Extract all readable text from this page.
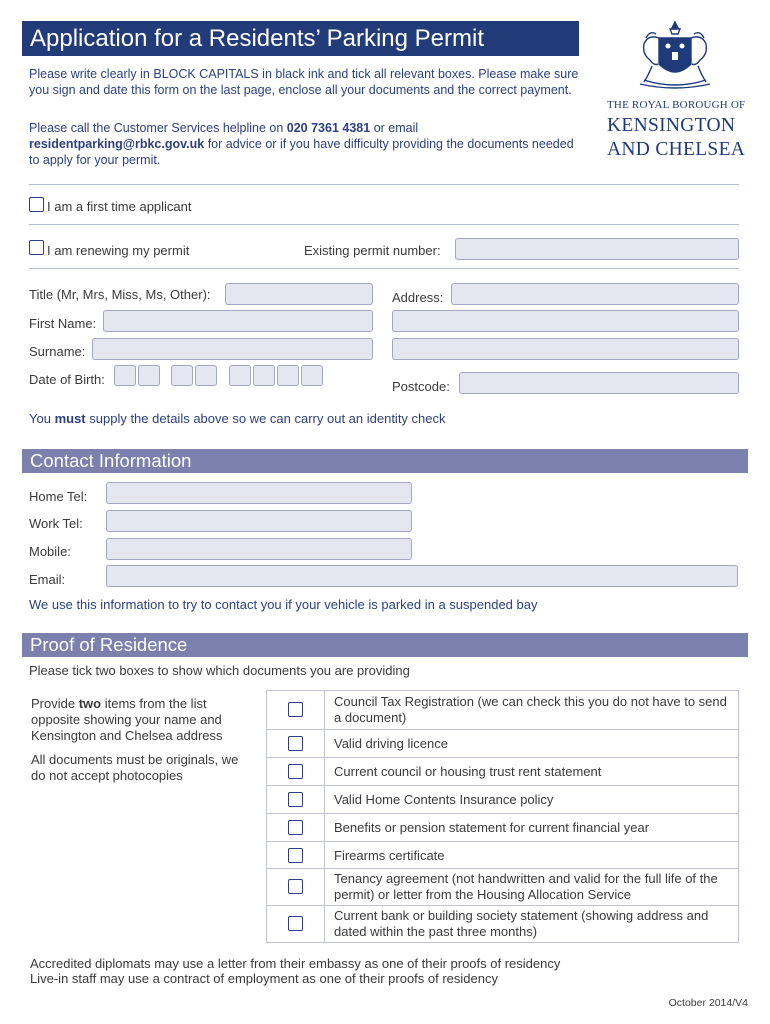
Application for a Residents’ Parking Permit
Please write clearly in BLOCK CAPITALS in black ink and tick all relevant boxes. Please make sure you sign and date this form on the last page, enclose all your documents and the correct payment.
Please call the Customer Services helpline on 020 7361 4381 or email
residentparking@rbkc.gov.uk for advice or if you have difficulty providing the documents needed to apply for your permit.
THE ROYAL BOROUGH OF
KENSINGTON
AND CHELSEA
I am a first time applicant
I am renewing my permit	Existing permit number:
Title (Mr, Mrs, Miss, Ms, Other):	Address:
First Name:
Surname:
Date of Birth:	Postcode:
You must supply the details above so we can carry out an identity check
Contact Information
Home Tel:
Work Tel:
Mobile:
Email:
We use this information to try to contact you if your vehicle is parked in a suspended bay
Proof of Residence
Please tick two boxes to show which documents you are providing

Provide two items from the list opposite showing your name and Kensington and Chelsea address

All documents must be originals, we do not accept photocopies

Council Tax Registration (we can check this you do not have to send a document)
Valid driving licence
Current council or housing trust rent statement
Valid Home Contents Insurance policy
Benefits or pension statement for current financial year
Firearms certificate
Tenancy agreement (not handwritten and valid for the full life of the permit) or letter from the Housing Allocation Service
Current bank or building society statement (showing address and dated within the past three months)
Accredited diplomats may use a letter from their embassy as one of their proofs of residency
Live-in staff may use a contract of employment as one of their proofs of residency
October 2014/V4
